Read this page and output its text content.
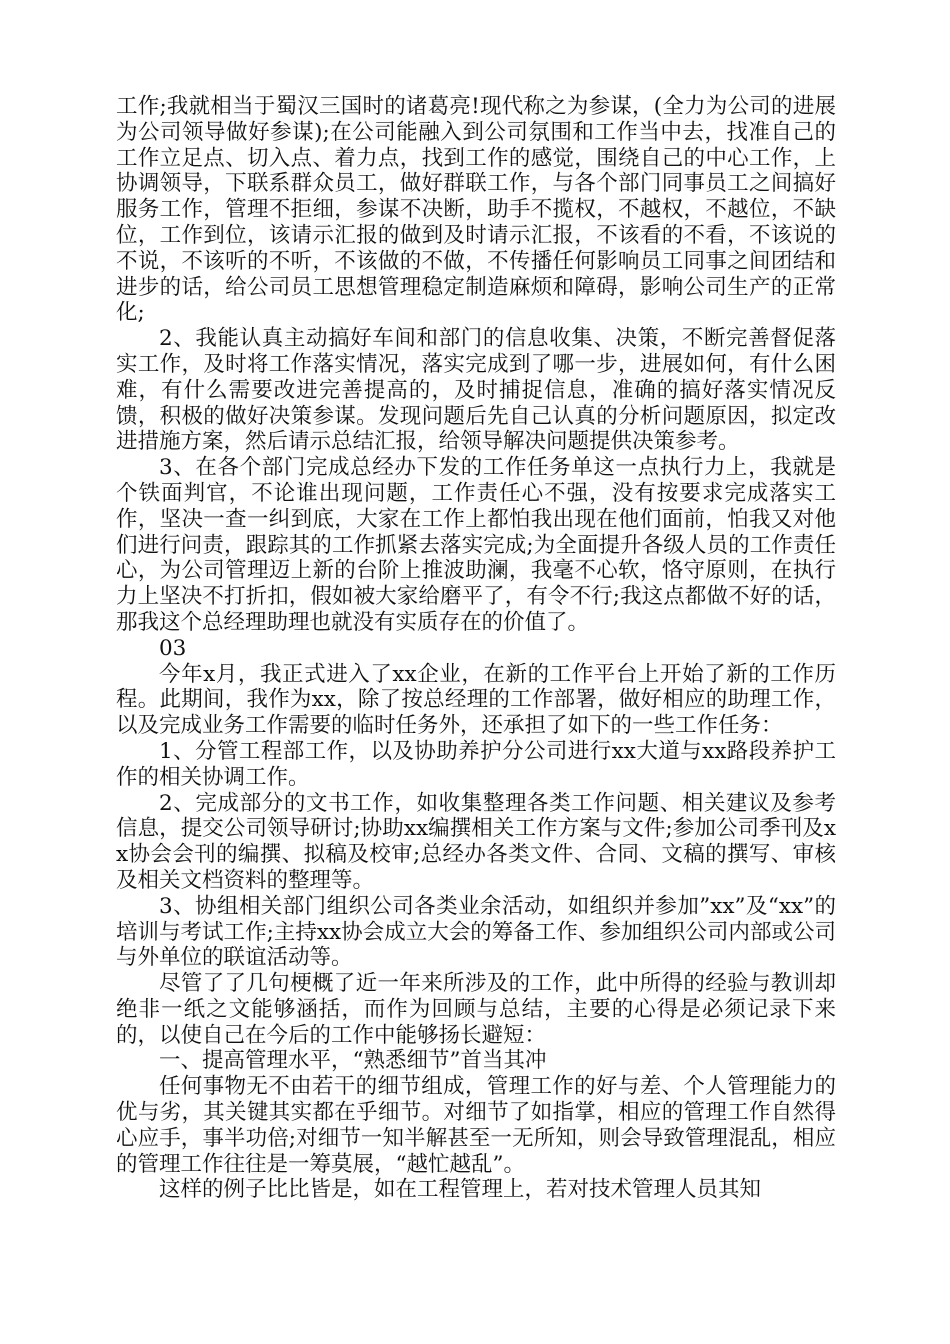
工作;我就相当于蜀汉三国时的诸葛亮!现代称之为参谋，(全力为公司的进展为公司领导做好参谋);在公司能融入到公司氛围和工作当中去，找准自己的工作立足点、切入点、着力点，找到工作的感觉，围绕自己的中心工作，上协调领导，下联系群众员工，做好群联工作，与各个部门同事员工之间搞好服务工作，管理不拒细，参谋不决断，助手不揽权，不越权，不越位，不缺位，工作到位，该请示汇报的做到及时请示汇报，不该看的不看，不该说的不说，不该听的不听，不该做的不做，不传播任何影响员工同事之间团结和进步的话，给公司员工思想管理稳定制造麻烦和障碍，影响公司生产的正常化;

2、我能认真主动搞好车间和部门的信息收集、决策，不断完善督促落实工作，及时将工作落实情况，落实完成到了哪一步，进展如何，有什么困难，有什么需要改进完善提高的，及时捕捉信息，准确的搞好落实情况反馈，积极的做好决策参谋。发现问题后先自己认真的分析问题原因，拟定改进措施方案，然后请示总结汇报，给领导解决问题提供决策参考。

3、在各个部门完成总经办下发的工作任务单这一点执行力上，我就是个铁面判官，不论谁出现问题，工作责任心不强，没有按要求完成落实工作，坚决一查一纠到底，大家在工作上都怕我出现在他们面前，怕我又对他们进行问责，跟踪其的工作抓紧去落实完成;为全面提升各级人员的工作责任心，为公司管理迈上新的台阶上推波助澜，我毫不心软，恪守原则，在执行力上坚决不打折扣，假如被大家给磨平了，有令不行;我这点都做不好的话，那我这个总经理助理也就没有实质存在的价值了。

03

今年x月，我正式进入了xx企业，在新的工作平台上开始了新的工作历程。此期间，我作为xx，除了按总经理的工作部署，做好相应的助理工作，以及完成业务工作需要的临时任务外，还承担了如下的一些工作任务：

1、分管工程部工作，以及协助养护分公司进行xx大道与xx路段养护工作的相关协调工作。

2、完成部分的文书工作，如收集整理各类工作问题、相关建议及参考信息，提交公司领导研讨;协助xx编撰相关工作方案与文件;参加公司季刊及xx协会会刊的编撰、拟稿及校审;总经办各类文件、合同、文稿的撰写、审核及相关文档资料的整理等。

3、协组相关部门组织公司各类业余活动，如组织并参加”xx”及“xx”的培训与考试工作;主持xx协会成立大会的筹备工作、参加组织公司内部或公司与外单位的联谊活动等。

尽管了了几句梗概了近一年来所涉及的工作，此中所得的经验与教训却绝非一纸之文能够涵括，而作为回顾与总结，主要的心得是必须记录下来的，以使自己在今后的工作中能够扬长避短：

一、提高管理水平，“熟悉细节”首当其冲

任何事物无不由若干的细节组成，管理工作的好与差、个人管理能力的优与劣，其关键其实都在乎细节。对细节了如指掌，相应的管理工作自然得心应手，事半功倍;对细节一知半解甚至一无所知，则会导致管理混乱，相应的管理工作往往是一筹莫展，“越忙越乱”。

这样的例子比比皆是，如在工程管理上，若对技术管理人员其知
